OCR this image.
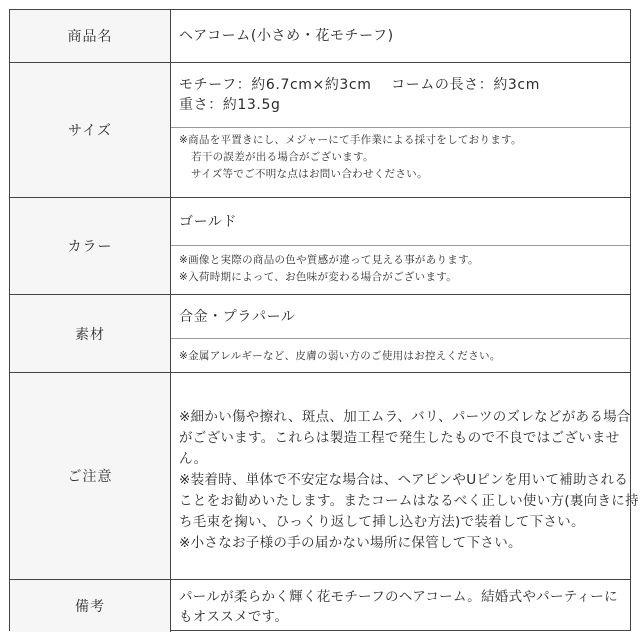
商品名	ヘアコーム(小さめ・花モチーフ)
サイズ
モチーフ：約6.7cm×約3cm　 コームの長さ：約3cm
重さ：約13.5g
※商品を平置きにし、メジャーにて手作業による採寸をしております。
若干の誤差が出る場合がございます。
サイズ等でご不明な点はお問い合わせください。
カラー
ゴールド
※画像と実際の商品の色や質感が違って見える事があります。
※入荷時期によって、お色味が変わる場合がございます。
素材
合金・プラパール
※金属アレルギーなど、皮膚の弱い方のご使用はお控えください。
ご注意
※細かい傷や擦れ、斑点、加工ムラ、バリ、パーツのズレなどがある場合
がございます。これらは製造工程で発生したもので不良ではございませ
ん。
※装着時、単体で不安定な場合は、ヘアピンやUピンを用いて補助される
ことをお勧めいたします。またコームはなるべく正しい使い方(裏向きに持
ち毛束を掬い、ひっくり返して挿し込む方法)で装着して下さい。
※小さなお子様の手の届かない場所に保管して下さい。
備考
パールが柔らかく輝く花モチーフのヘアコーム。結婚式やパーティーに
もオススメです。
